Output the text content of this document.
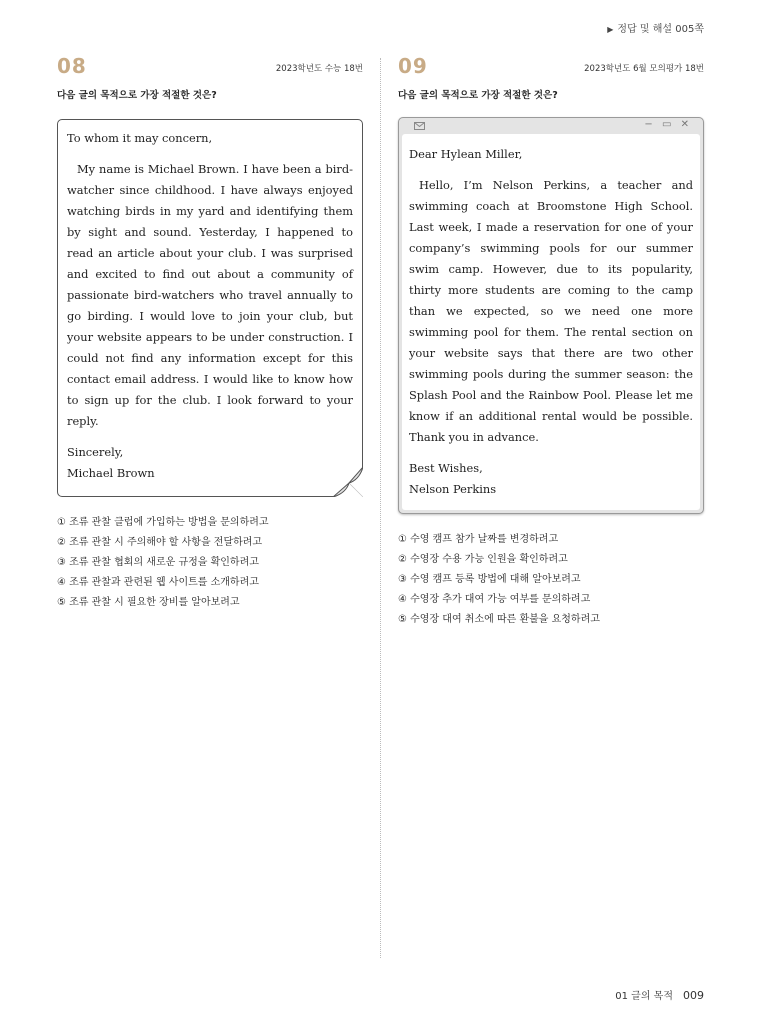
▶ 정답 및 해설 005쪽
08	2023학년도 수능 18번
다음 글의 목적으로 가장 적절한 것은?

To whom it may concern,

My name is Michael Brown. I have been a bird-watcher since childhood. I have always enjoyed watching birds in my yard and identifying them by sight and sound. Yesterday, I happened to read an article about your club. I was surprised and excited to find out about a community of passionate bird-watchers who travel annually to go birding. I would love to join your club, but your website appears to be under construction. I could not find any information except for this contact email address. I would like to know how to sign up for the club. I look forward to your reply.

Sincerely,

Michael Brown

① 조류 관찰 클럽에 가입하는 방법을 문의하려고
② 조류 관찰 시 주의해야 할 사항을 전달하려고
③ 조류 관찰 협회의 새로운 규정을 확인하려고
④ 조류 관찰과 관련된 웹 사이트를 소개하려고
⑤ 조류 관찰 시 필요한 장비를 알아보려고
09	2023학년도 6월 모의평가 18번
다음 글의 목적으로 가장 적절한 것은?
− ▭ ✕

Dear Hylean Miller,

Hello, I’m Nelson Perkins, a teacher and swimming coach at Broomstone High School. Last week, I made a reservation for one of your company’s swimming pools for our summer swim camp. However, due to its popularity, thirty more students are coming to the camp than we expected, so we need one more swimming pool for them. The rental section on your website says that there are two other swimming pools during the summer season: the Splash Pool and the Rainbow Pool. Please let me know if an additional rental would be possible. Thank you in advance.

Best Wishes,

Nelson Perkins

① 수영 캠프 참가 날짜를 변경하려고
② 수영장 수용 가능 인원을 확인하려고
③ 수영 캠프 등록 방법에 대해 알아보려고
④ 수영장 추가 대여 가능 여부를 문의하려고
⑤ 수영장 대여 취소에 따른 환불을 요청하려고
01 글의 목적 009
